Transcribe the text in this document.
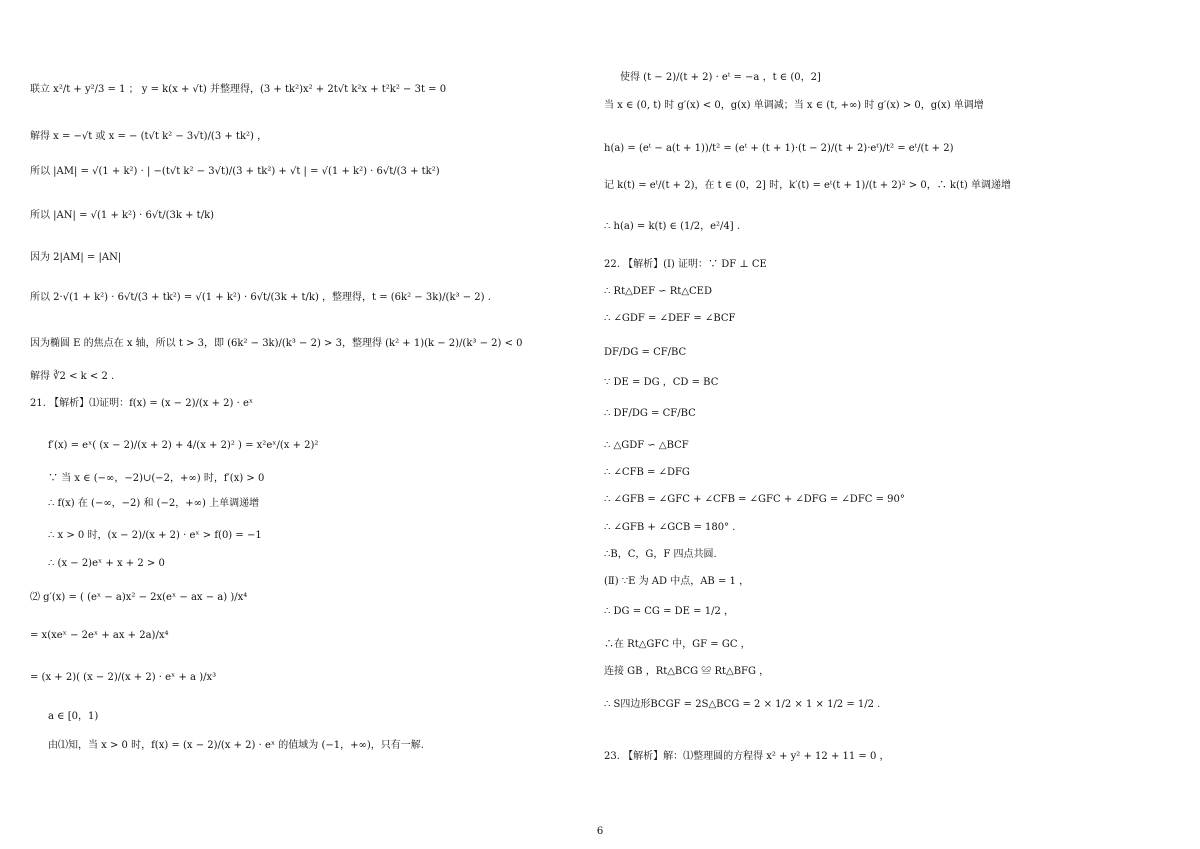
联立 x²/t + y²/3 = 1 ； y = k(x + √t) 并整理得，(3 + tk²)x² + 2t√t k²x + t²k² − 3t = 0
解得 x = −√t 或 x = − (t√t k² − 3√t)/(3 + tk²) ，
所以 |AM| = √(1 + k²) · | −(t√t k² − 3√t)/(3 + tk²) + √t | = √(1 + k²) · 6√t/(3 + tk²)
所以 |AN| = √(1 + k²) · 6√t/(3k + t/k)
因为 2|AM| = |AN|
所以 2·√(1 + k²) · 6√t/(3 + tk²) = √(1 + k²) · 6√t/(3k + t/k) ，整理得，t = (6k² − 3k)/(k³ − 2) .
因为椭圆 E 的焦点在 x 轴，所以 t > 3，即 (6k² − 3k)/(k³ − 2) > 3，整理得 (k² + 1)(k − 2)/(k³ − 2) < 0
解得 ∛2 < k < 2 .
21. 【解析】⑴证明：f(x) = (x − 2)/(x + 2) · eˣ
f′(x) = eˣ( (x − 2)/(x + 2) + 4/(x + 2)² ) = x²eˣ/(x + 2)²
∵ 当 x ∈ (−∞，−2)∪(−2，+∞) 时，f′(x) > 0
∴ f(x) 在 (−∞，−2) 和 (−2，+∞) 上单调递增
∴ x > 0 时，(x − 2)/(x + 2) · eˣ > f(0) = −1
∴ (x − 2)eˣ + x + 2 > 0
⑵ g′(x) = ( (eˣ − a)x² − 2x(eˣ − ax − a) )/x⁴
= x(xeˣ − 2eˣ + ax + 2a)/x⁴
= (x + 2)( (x − 2)/(x + 2) · eˣ + a )/x³
a ∈ [0，1)
由⑴知，当 x > 0 时，f(x) = (x − 2)/(x + 2) · eˣ 的值域为 (−1，+∞)，只有一解.
使得 (t − 2)/(t + 2) · eᵗ = −a ，t ∈ (0，2]
当 x ∈ (0, t) 时 g′(x) < 0，g(x) 单调减；当 x ∈ (t, +∞) 时 g′(x) > 0，g(x) 单调增
h(a) = (eᵗ − a(t + 1))/t² = (eᵗ + (t + 1)·(t − 2)/(t + 2)·eᵗ)/t² = eᵗ/(t + 2)
记 k(t) = eᵗ/(t + 2)，在 t ∈ (0，2] 时，k′(t) = eᵗ(t + 1)/(t + 2)² > 0，∴ k(t) 单调递增
∴ h(a) = k(t) ∈ (1/2，e²/4] .
22. 【解析】(Ⅰ) 证明：∵ DF ⊥ CE
∴ Rt△DEF ∽ Rt△CED
∴ ∠GDF = ∠DEF = ∠BCF
DF/DG = CF/BC
∵ DE = DG ，CD = BC
∴ DF/DG = CF/BC
∴ △GDF ∽ △BCF
∴ ∠CFB = ∠DFG
∴ ∠GFB = ∠GFC + ∠CFB = ∠GFC + ∠DFG = ∠DFC = 90°
∴ ∠GFB + ∠GCB = 180° .
∴B，C，G，F 四点共圆.
(Ⅱ) ∵E 为 AD 中点，AB = 1 ，
∴ DG = CG = DE = 1/2 ，
∴在 Rt△GFC 中，GF = GC ，
连接 GB ，Rt△BCG ≌ Rt△BFG ，
∴ S四边形BCGF = 2S△BCG = 2 × 1/2 × 1 × 1/2 = 1/2 .
23. 【解析】解：⑴整理圆的方程得 x² + y² + 12 + 11 = 0 ，
6
